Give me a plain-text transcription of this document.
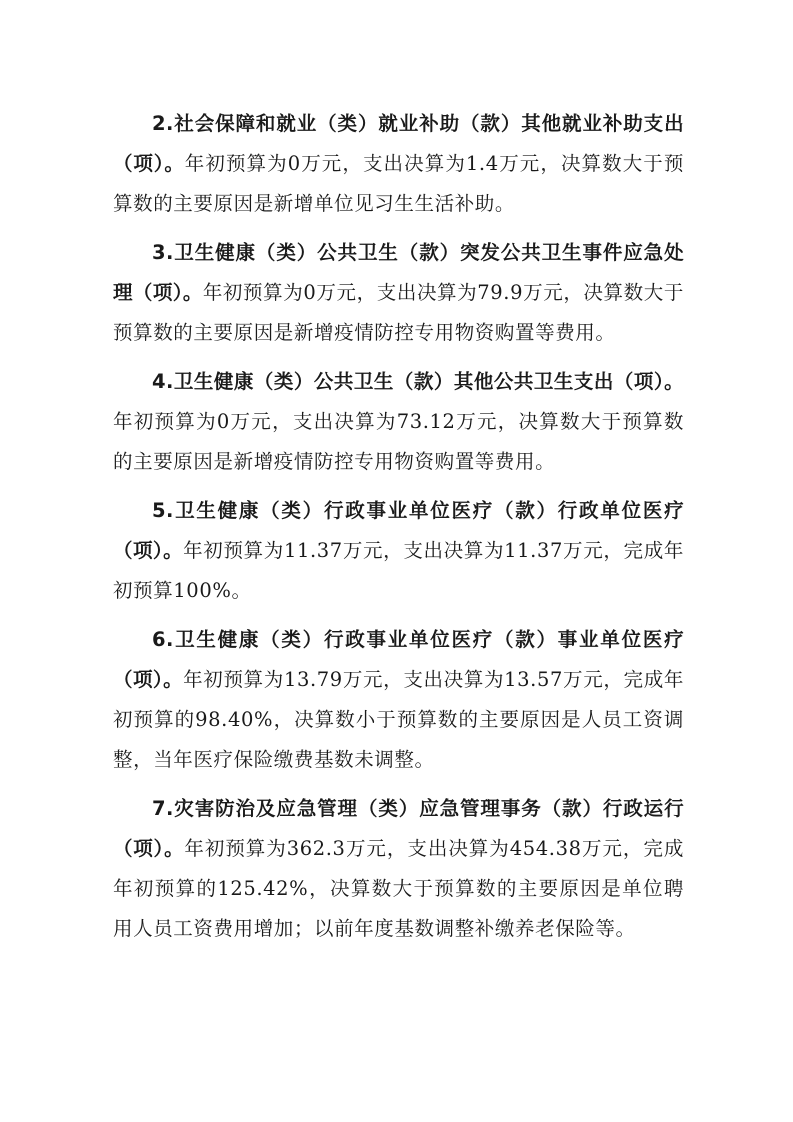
2.社会保障和就业（类）就业补助（款）其他就业补助支出（项）。年初预算为0万元，支出决算为1.4万元，决算数大于预算数的主要原因是新增单位见习生生活补助。

3.卫生健康（类）公共卫生（款）突发公共卫生事件应急处理（项）。年初预算为0万元，支出决算为79.9万元，决算数大于预算数的主要原因是新增疫情防控专用物资购置等费用。

4.卫生健康（类）公共卫生（款）其他公共卫生支出（项）。年初预算为0万元，支出决算为73.12万元，决算数大于预算数的主要原因是新增疫情防控专用物资购置等费用。

5.卫生健康（类）行政事业单位医疗（款）行政单位医疗（项）。年初预算为11.37万元，支出决算为11.37万元，完成年初预算100%。

6.卫生健康（类）行政事业单位医疗（款）事业单位医疗（项）。年初预算为13.79万元，支出决算为13.57万元，完成年初预算的98.40%，决算数小于预算数的主要原因是人员工资调整，当年医疗保险缴费基数未调整。

7.灾害防治及应急管理（类）应急管理事务（款）行政运行（项）。年初预算为362.3万元，支出决算为454.38万元，完成年初预算的125.42%，决算数大于预算数的主要原因是单位聘用人员工资费用增加；以前年度基数调整补缴养老保险等。
